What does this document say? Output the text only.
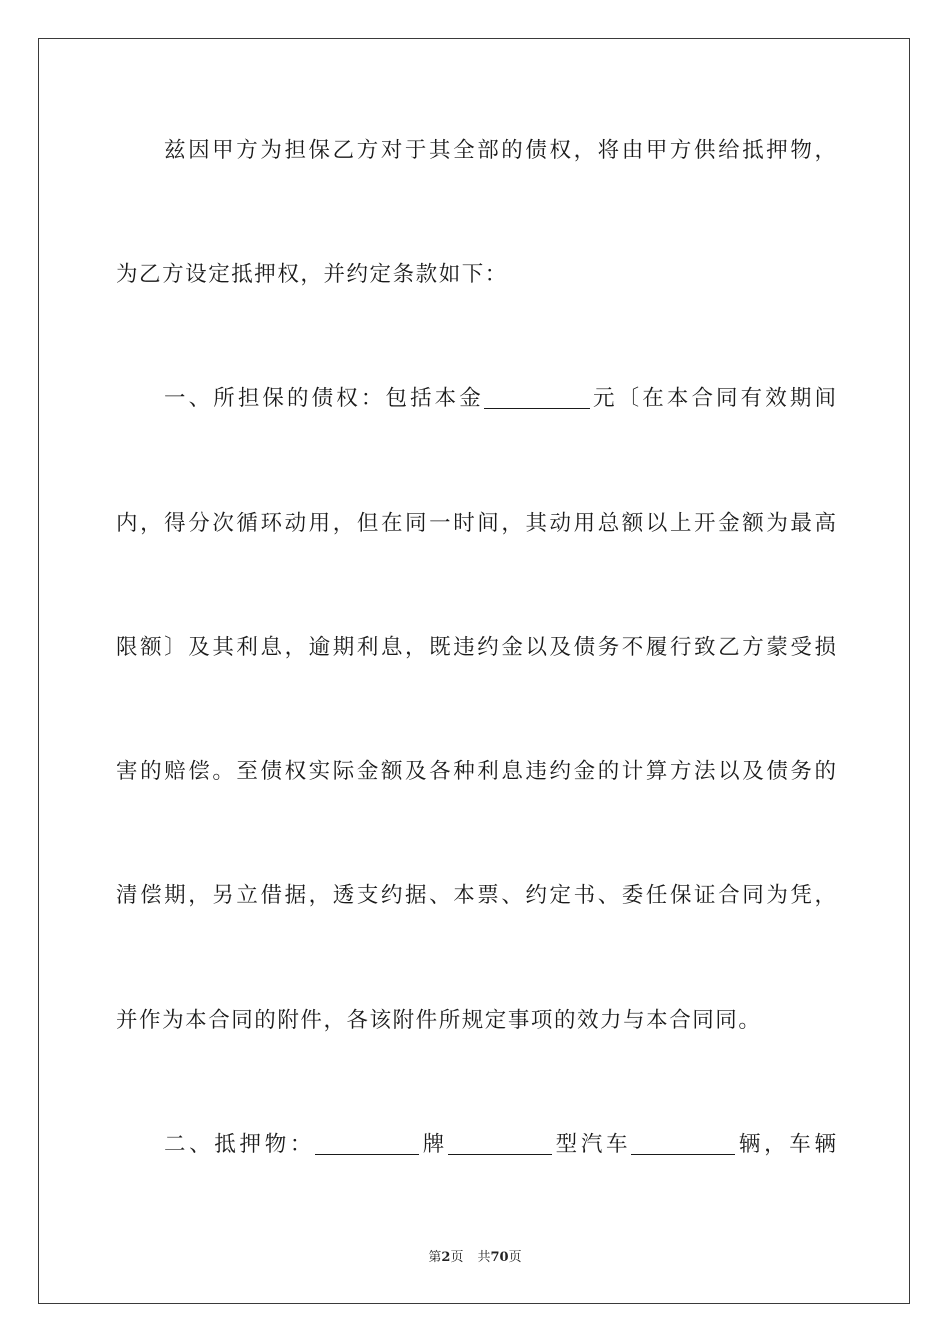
兹因甲方为担保乙方对于其全部的债权，将由甲方供给抵押物，
为乙方设定抵押权，并约定条款如下：
一、所担保的债权：包括本金	元〔在本合同有效期间
内，得分次循环动用，但在同一时间，其动用总额以上开金额为最高
限额〕及其利息，逾期利息，既违约金以及债务不履行致乙方蒙受损
害的赔偿。至债权实际金额及各种利息违约金的计算方法以及债务的
清偿期，另立借据，透支约据、本票、约定书、委任保证合同为凭，
并作为本合同的附件，各该附件所规定事项的效力与本合同同。
二、抵押物：	牌	型汽车	辆，车辆
第2页 共70页
